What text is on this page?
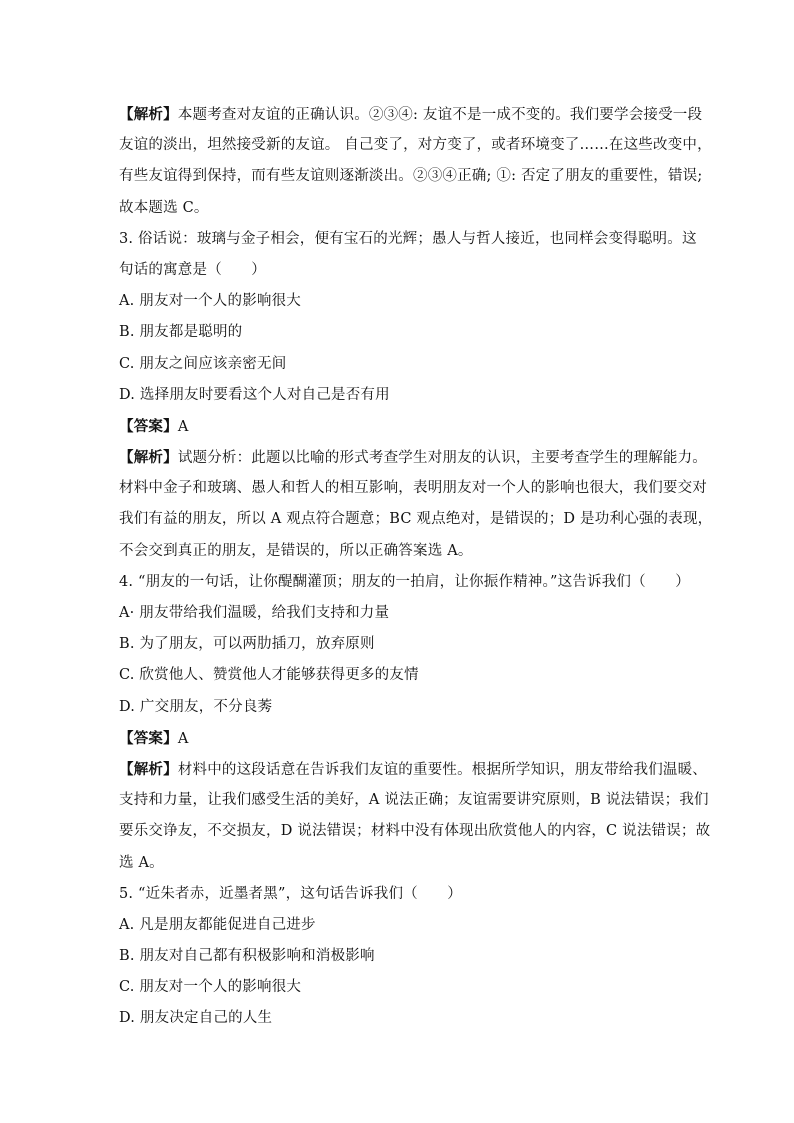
【解析】本题考查对友谊的正确认识。②③④: 友谊不是一成不变的。我们要学会接受一段
友谊的淡出，坦然接受新的友谊。 自己变了，对方变了，或者环境变了……在这些改变中，
有些友谊得到保持，而有些友谊则逐渐淡出。②③④正确; ①: 否定了朋友的重要性，错误;
故本题选 C。
3. 俗话说：玻璃与金子相会，便有宝石的光辉；愚人与哲人接近，也同样会变得聪明。这
句话的寓意是（　　）
A. 朋友对一个人的影响很大
B. 朋友都是聪明的
C. 朋友之间应该亲密无间
D. 选择朋友时要看这个人对自己是否有用
【答案】A
【解析】试题分析：此题以比喻的形式考查学生对朋友的认识，主要考查学生的理解能力。
材料中金子和玻璃、愚人和哲人的相互影响，表明朋友对一个人的影响也很大，我们要交对
我们有益的朋友，所以 A 观点符合题意；BC 观点绝对，是错误的；D 是功利心强的表现，
不会交到真正的朋友，是错误的，所以正确答案选 A。
4. “朋友的一句话，让你醍醐灌顶；朋友的一拍肩，让你振作精神。”这告诉我们（　　）
A· 朋友带给我们温暖，给我们支持和力量
B. 为了朋友，可以两肋插刀，放弃原则
C. 欣赏他人、赞赏他人才能够获得更多的友情
D. 广交朋友，不分良莠
【答案】A
【解析】材料中的这段话意在告诉我们友谊的重要性。根据所学知识，朋友带给我们温暖、
支持和力量，让我们感受生活的美好，A 说法正确；友谊需要讲究原则，B 说法错误；我们
要乐交诤友，不交损友，D 说法错误；材料中没有体现出欣赏他人的内容，C 说法错误；故
选 A。
5. “近朱者赤，近墨者黑”，这句话告诉我们（　　）
A. 凡是朋友都能促进自己进步
B. 朋友对自己都有积极影响和消极影响
C. 朋友对一个人的影响很大
D. 朋友决定自己的人生
